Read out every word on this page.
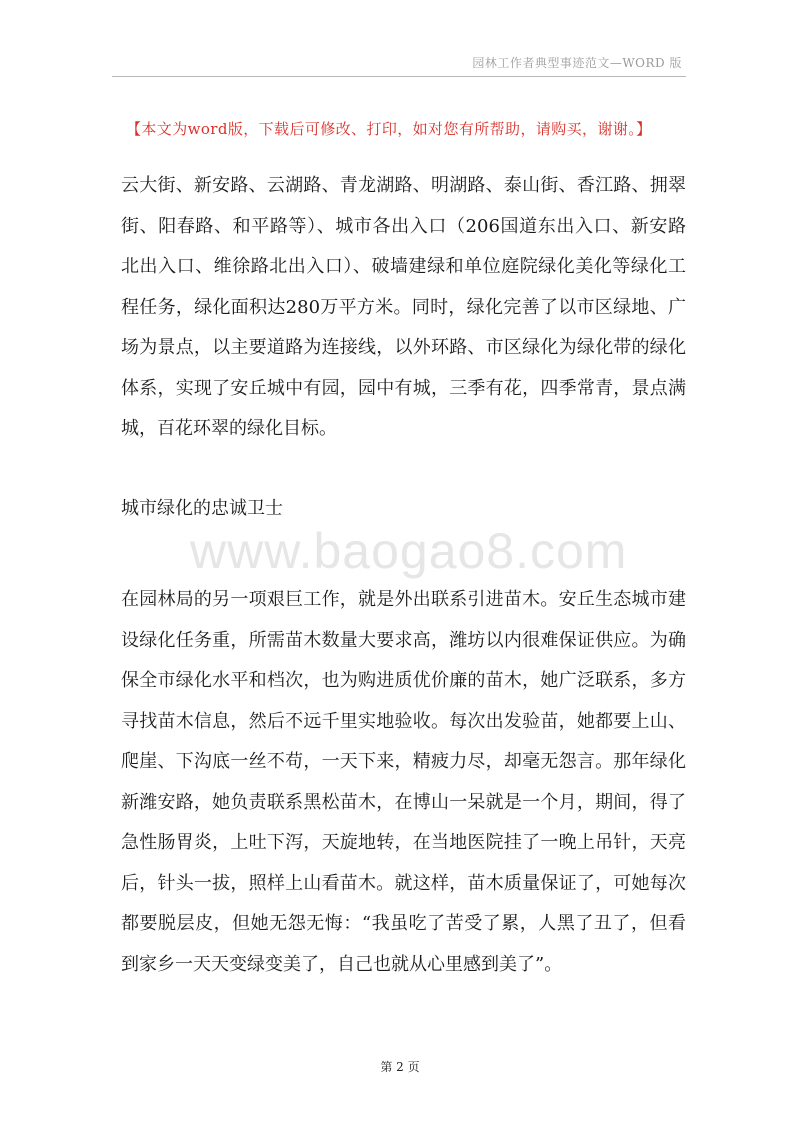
园林工作者典型事迹范文—WORD 版
【本文为word版，下载后可修改、打印，如对您有所帮助，请购买，谢谢。】

云大街、新安路、云湖路、青龙湖路、明湖路、泰山街、香江路、拥翠街、阳春路、和平路等）、城市各出入口（206国道东出入口、新安路北出入口、维徐路北出入口）、破墙建绿和单位庭院绿化美化等绿化工程任务，绿化面积达280万平方米。同时，绿化完善了以市区绿地、广场为景点，以主要道路为连接线，以外环路、市区绿化为绿化带的绿化体系，实现了安丘城中有园，园中有城，三季有花，四季常青，景点满城，百花环翠的绿化目标。

城市绿化的忠诚卫士

www.baogao8.com

在园林局的另一项艰巨工作，就是外出联系引进苗木。安丘生态城市建设绿化任务重，所需苗木数量大要求高，潍坊以内很难保证供应。为确保全市绿化水平和档次，也为购进质优价廉的苗木，她广泛联系，多方寻找苗木信息，然后不远千里实地验收。每次出发验苗，她都要上山、爬崖、下沟底一丝不苟，一天下来，精疲力尽，却毫无怨言。那年绿化新潍安路，她负责联系黑松苗木，在博山一呆就是一个月，期间，得了急性肠胃炎，上吐下泻，天旋地转，在当地医院挂了一晚上吊针，天亮后，针头一拔，照样上山看苗木。就这样，苗木质量保证了，可她每次都要脱层皮，但她无怨无悔：“我虽吃了苦受了累，人黑了丑了，但看到家乡一天天变绿变美了，自己也就从心里感到美了”。

第 2 页
